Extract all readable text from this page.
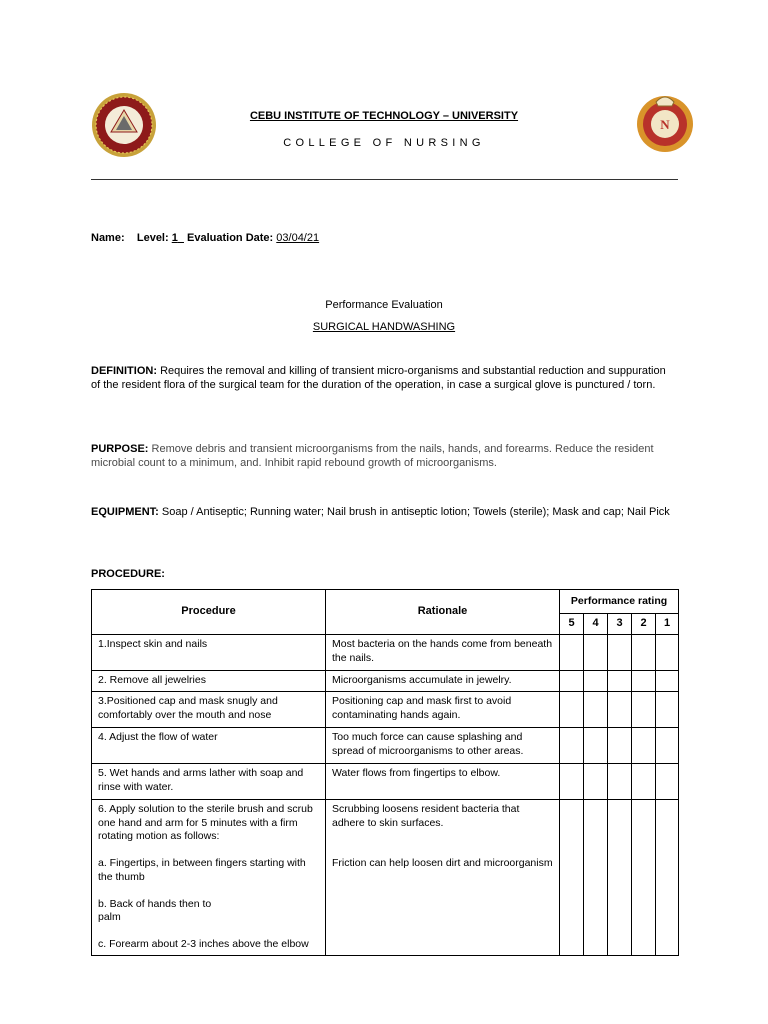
N
CEBU INSTITUTE OF TECHNOLOGY – UNIVERSITY
COLLEGE OF NURSING
Name: Level: 1 Evaluation Date: 03/04/21
Performance Evaluation
SURGICAL HANDWASHING
DEFINITION: Requires the removal and killing of transient micro-organisms and substantial reduction and suppuration of the resident flora of the surgical team for the duration of the operation, in case a surgical glove is punctured / torn.
PURPOSE: Remove debris and transient microorganisms from the nails, hands, and forearms. Reduce the resident microbial count to a minimum, and. Inhibit rapid rebound growth of microorganisms.
EQUIPMENT: Soap / Antiseptic; Running water; Nail brush in antiseptic lotion; Towels (sterile); Mask and cap; Nail Pick
PROCEDURE:
Procedure	Rationale	Performance rating				
		5	4	3	2	1
1.Inspect skin and nails	Most bacteria on the hands come from beneath the nails.					
2. Remove all jewelries	Microorganisms accumulate in jewelry.					
3.Positioned cap and mask snugly and comfortably over the mouth and nose	Positioning cap and mask first to avoid contaminating hands again.					
4. Adjust the flow of water	Too much force can cause splashing and spread of microorganisms to other areas.					
5. Wet hands and arms lather with soap and rinse with water.	Water flows from fingertips to elbow.					
6. Apply solution to the sterile brush and scrub one hand and arm for 5 minutes with a firm rotating motion as follows:
a. Fingertips, in between fingers starting with the thumb
b. Back of hands then to
palm
c. Forearm about 2-3 inches above the elbow	Scrubbing loosens resident bacteria that adhere to skin surfaces.
Friction can help loosen dirt and microorganism					
